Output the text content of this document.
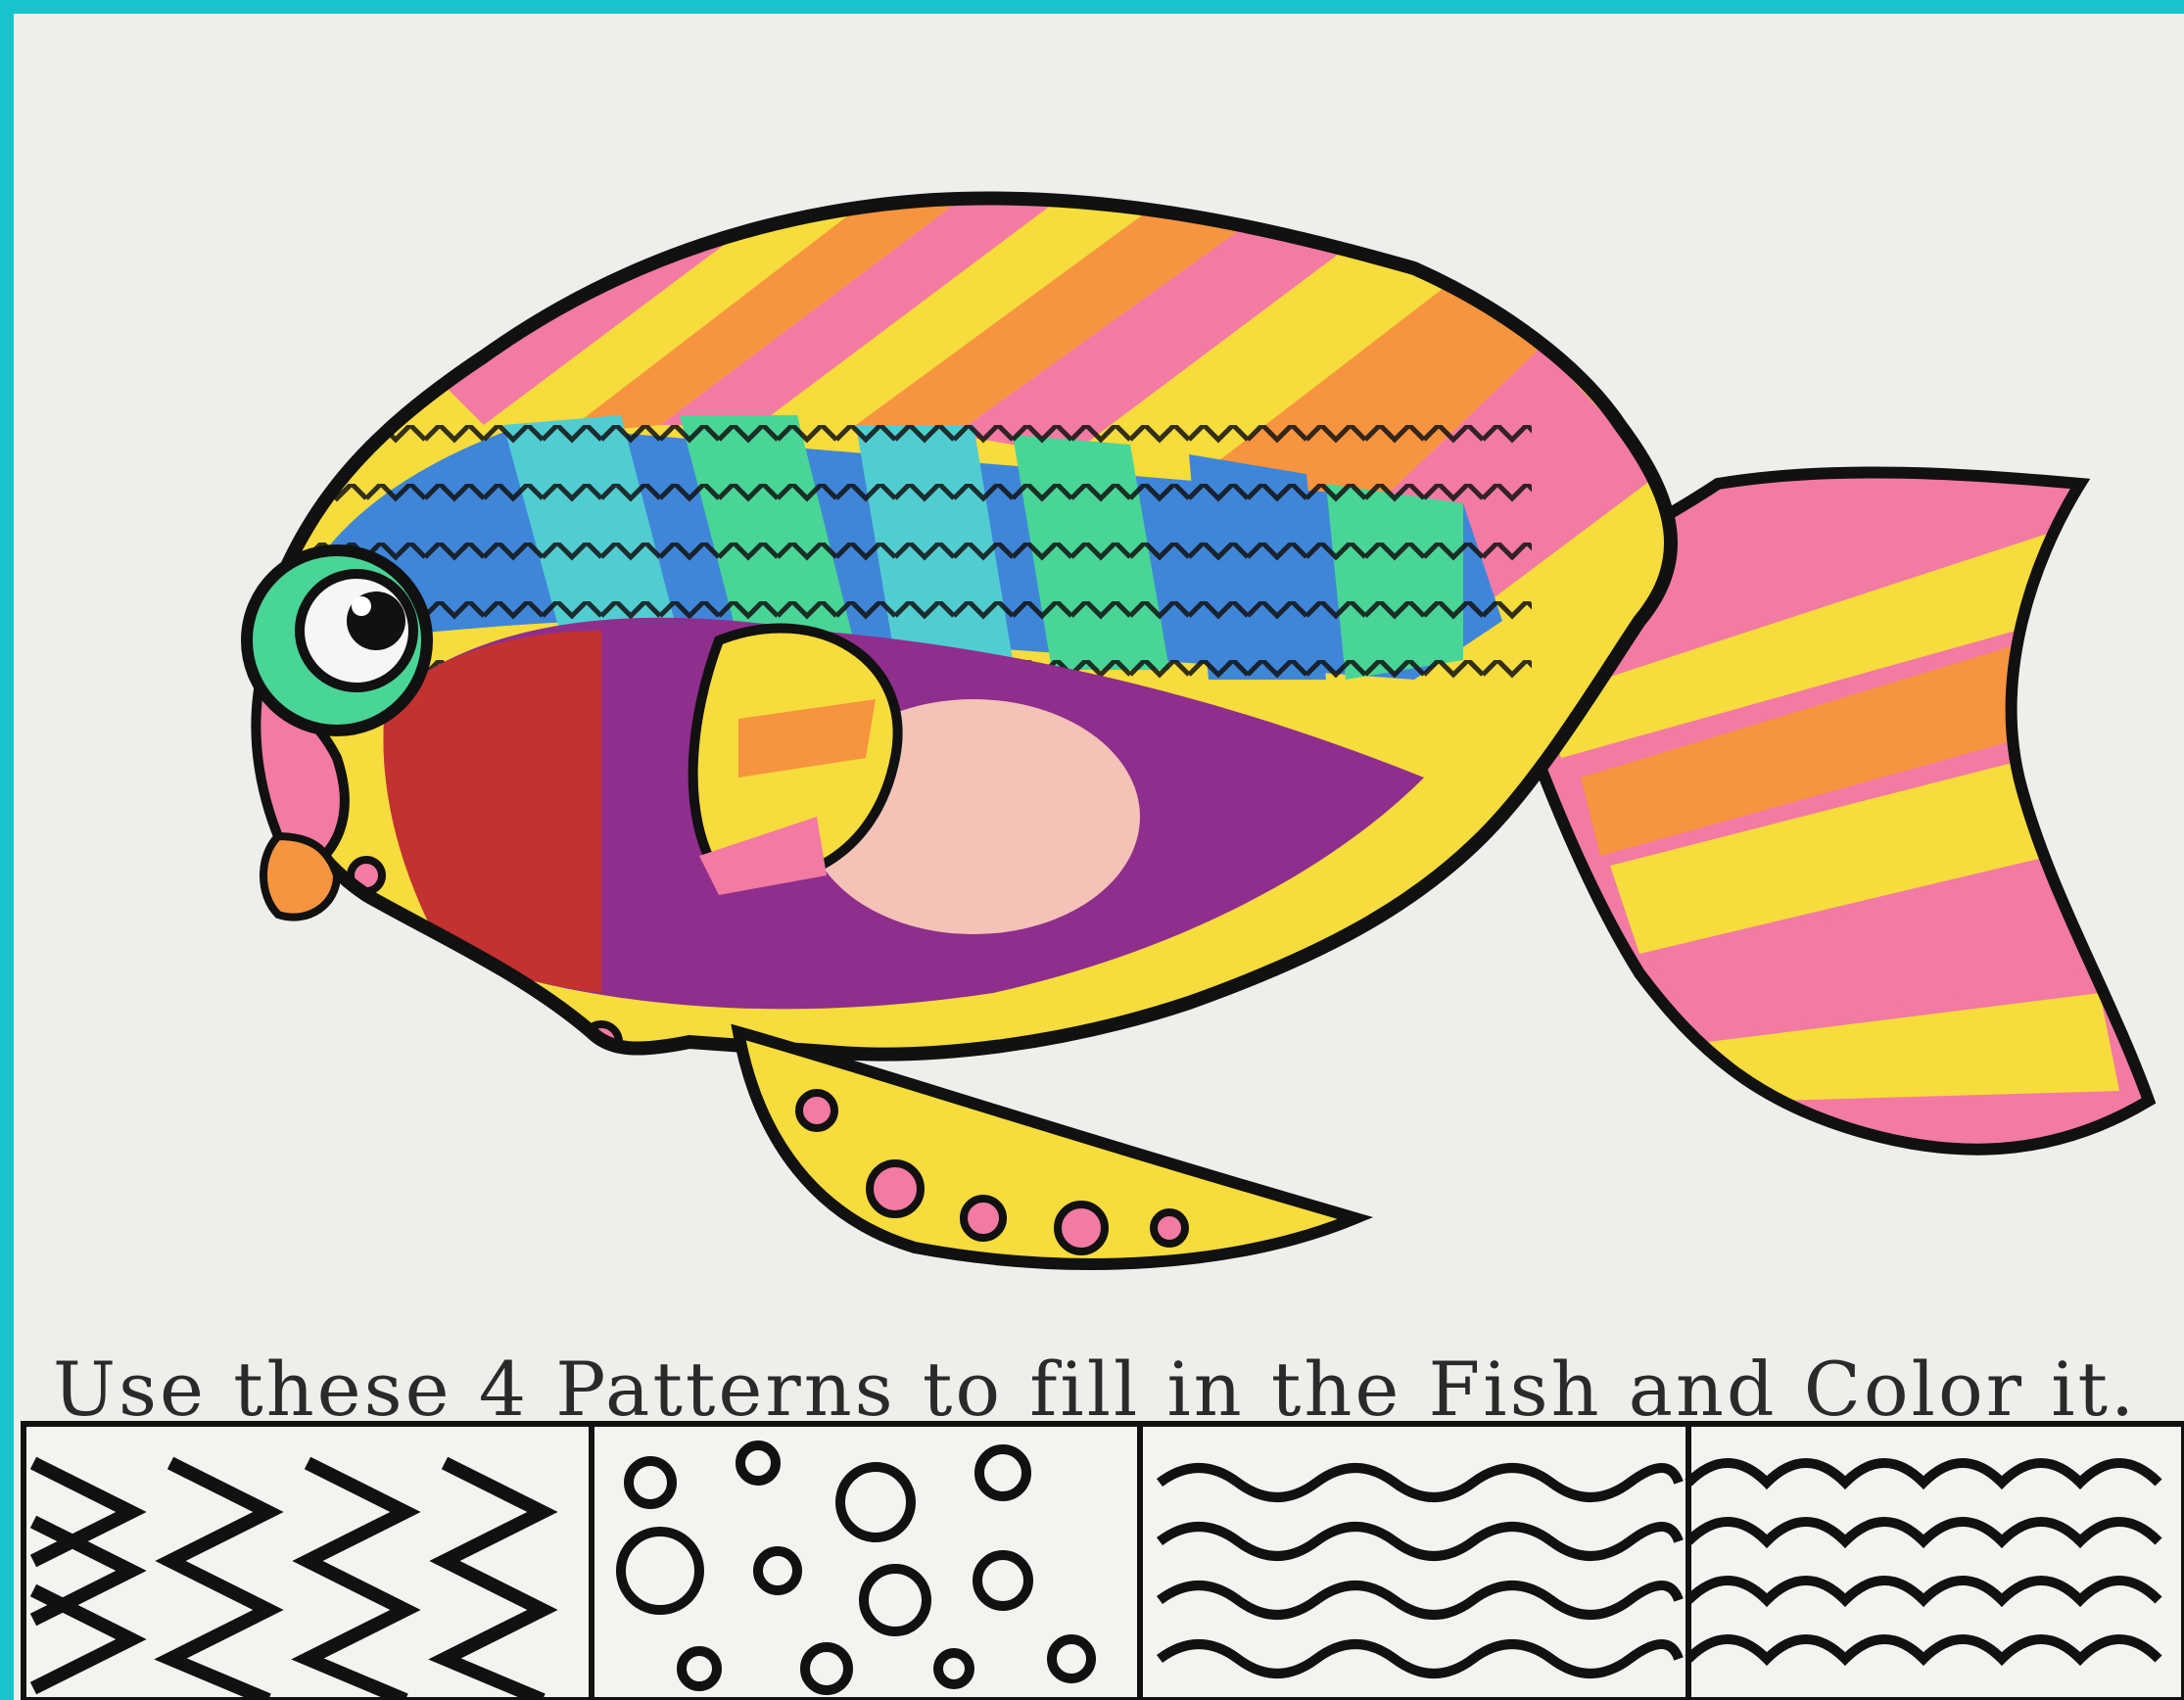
Use these 4 Patterns to fill in the Fish and Color it.
